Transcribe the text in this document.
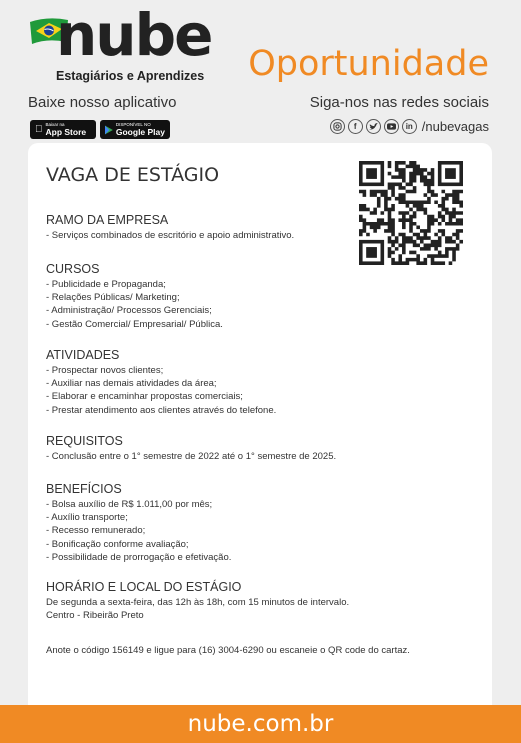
nube
Estagiários e Aprendizes Oportunidade
Baixe nosso aplicativo	Siga-nos nas redes sociais
Baixar na
App Store
DISPONÍVEL NO
Google Play	f	in /nubevagas
VAGA DE ESTÁGIO
RAMO DA EMPRESA
- Serviços combinados de escritório e apoio administrativo.
CURSOS
- Publicidade e Propaganda;
- Relações Públicas/ Marketing;
- Administração/ Processos Gerenciais;
- Gestão Comercial/ Empresarial/ Pública.
ATIVIDADES
- Prospectar novos clientes;
- Auxiliar nas demais atividades da área;
- Elaborar e encaminhar propostas comerciais;
- Prestar atendimento aos clientes através do telefone.
REQUISITOS
- Conclusão entre o 1° semestre de 2022 até o 1° semestre de 2025.
BENEFÍCIOS
- Bolsa auxílio de R$ 1.011,00 por mês;
- Auxílio transporte;
- Recesso remunerado;
- Bonificação conforme avaliação;
- Possibilidade de prorrogação e efetivação.
HORÁRIO E LOCAL DO ESTÁGIO
De segunda a sexta-feira, das 12h às 18h, com 15 minutos de intervalo.
Centro - Ribeirão Preto
Anote o código 156149 e ligue para (16) 3004-6290 ou escaneie o QR code do cartaz.
nube.com.br
